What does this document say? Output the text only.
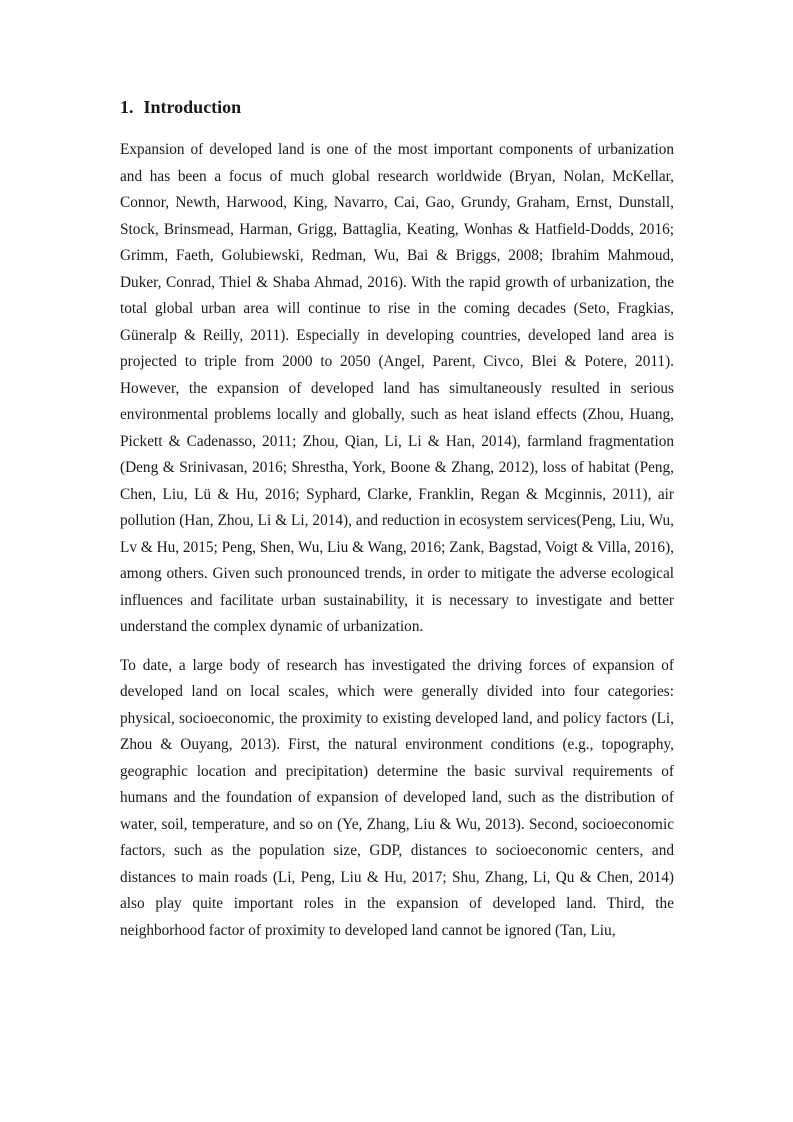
1. Introduction

Expansion of developed land is one of the most important components of urbanization and has been a focus of much global research worldwide (Bryan, Nolan, McKellar, Connor, Newth, Harwood, King, Navarro, Cai, Gao, Grundy, Graham, Ernst, Dunstall, Stock, Brinsmead, Harman, Grigg, Battaglia, Keating, Wonhas & Hatfield-Dodds, 2016; Grimm, Faeth, Golubiewski, Redman, Wu, Bai & Briggs, 2008; Ibrahim Mahmoud, Duker, Conrad, Thiel & Shaba Ahmad, 2016). With the rapid growth of urbanization, the total global urban area will continue to rise in the coming decades (Seto, Fragkias, Güneralp & Reilly, 2011). Especially in developing countries, developed land area is projected to triple from 2000 to 2050 (Angel, Parent, Civco, Blei & Potere, 2011). However, the expansion of developed land has simultaneously resulted in serious environmental problems locally and globally, such as heat island effects (Zhou, Huang, Pickett & Cadenasso, 2011; Zhou, Qian, Li, Li & Han, 2014), farmland fragmentation (Deng & Srinivasan, 2016; Shrestha, York, Boone & Zhang, 2012), loss of habitat (Peng, Chen, Liu, Lü & Hu, 2016; Syphard, Clarke, Franklin, Regan & Mcginnis, 2011), air pollution (Han, Zhou, Li & Li, 2014), and reduction in ecosystem services(Peng, Liu, Wu, Lv & Hu, 2015; Peng, Shen, Wu, Liu & Wang, 2016; Zank, Bagstad, Voigt & Villa, 2016), among others. Given such pronounced trends, in order to mitigate the adverse ecological influences and facilitate urban sustainability, it is necessary to investigate and better understand the complex dynamic of urbanization.

To date, a large body of research has investigated the driving forces of expansion of developed land on local scales, which were generally divided into four categories: physical, socioeconomic, the proximity to existing developed land, and policy factors (Li, Zhou & Ouyang, 2013). First, the natural environment conditions (e.g., topography, geographic location and precipitation) determine the basic survival requirements of humans and the foundation of expansion of developed land, such as the distribution of water, soil, temperature, and so on (Ye, Zhang, Liu & Wu, 2013). Second, socioeconomic factors, such as the population size, GDP, distances to socioeconomic centers, and distances to main roads (Li, Peng, Liu & Hu, 2017; Shu, Zhang, Li, Qu & Chen, 2014) also play quite important roles in the expansion of developed land. Third, the neighborhood factor of proximity to developed land cannot be ignored (Tan, Liu,
